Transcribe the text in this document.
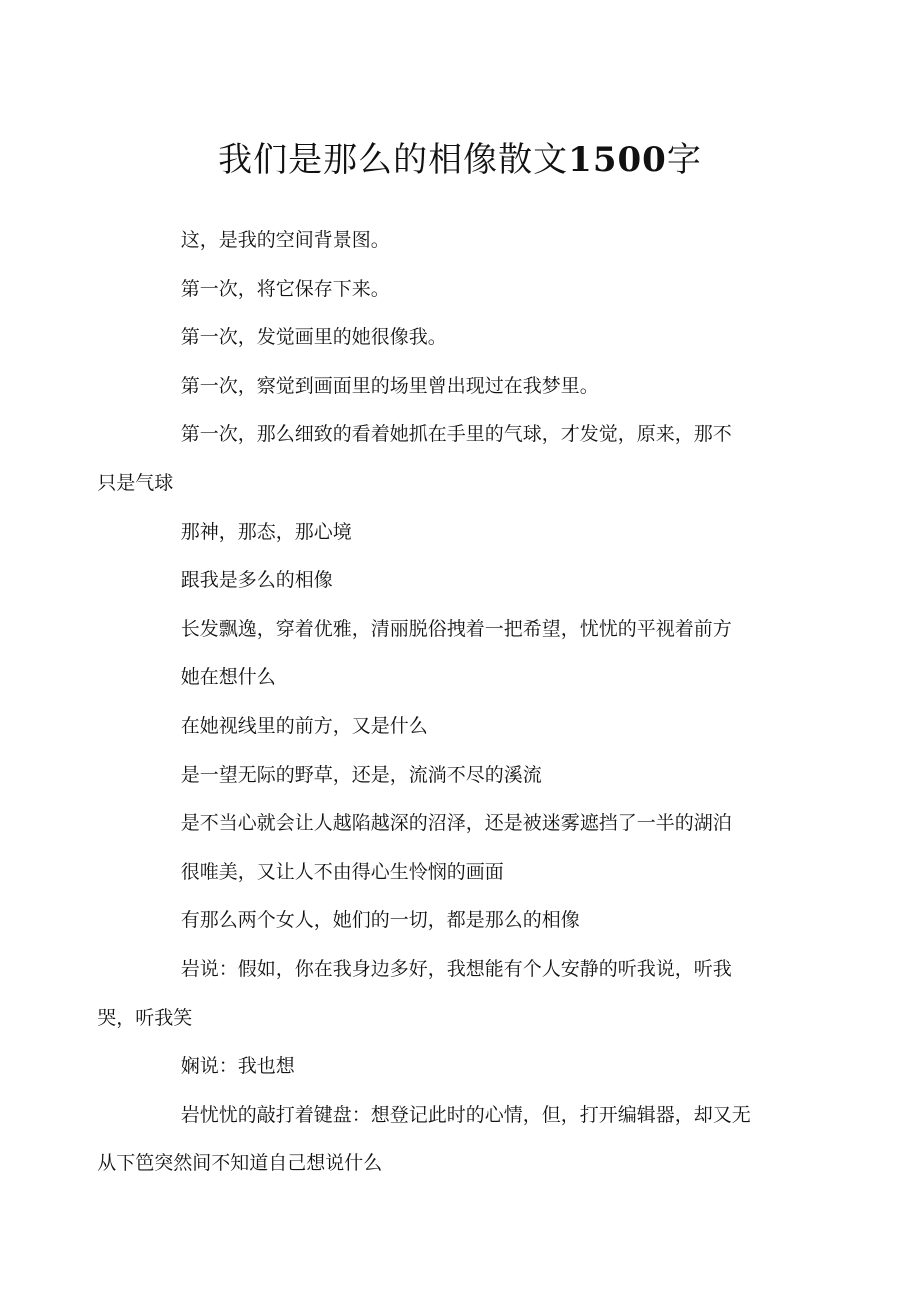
我们是那么的相像散文1500字

这，是我的空间背景图。

第一次，将它保存下来。

第一次，发觉画里的她很像我。

第一次，察觉到画面里的场里曾出现过在我梦里。

第一次，那么细致的看着她抓在手里的气球，才发觉，原来，那不
只是气球

那神，那态，那心境

跟我是多么的相像

长发飘逸，穿着优雅，清丽脱俗拽着一把希望，忧忧的平视着前方

她在想什么

在她视线里的前方，又是什么

是一望无际的野草，还是，流淌不尽的溪流

是不当心就会让人越陷越深的沼泽，还是被迷雾遮挡了一半的湖泊

很唯美，又让人不由得心生怜悯的画面

有那么两个女人，她们的一切，都是那么的相像

岩说：假如，你在我身边多好，我想能有个人安静的听我说，听我
哭，听我笑

娴说：我也想

岩忧忧的敲打着键盘：想登记此时的心情，但，打开编辑器，却又无
从下笆突然间不知道自己想说什么
